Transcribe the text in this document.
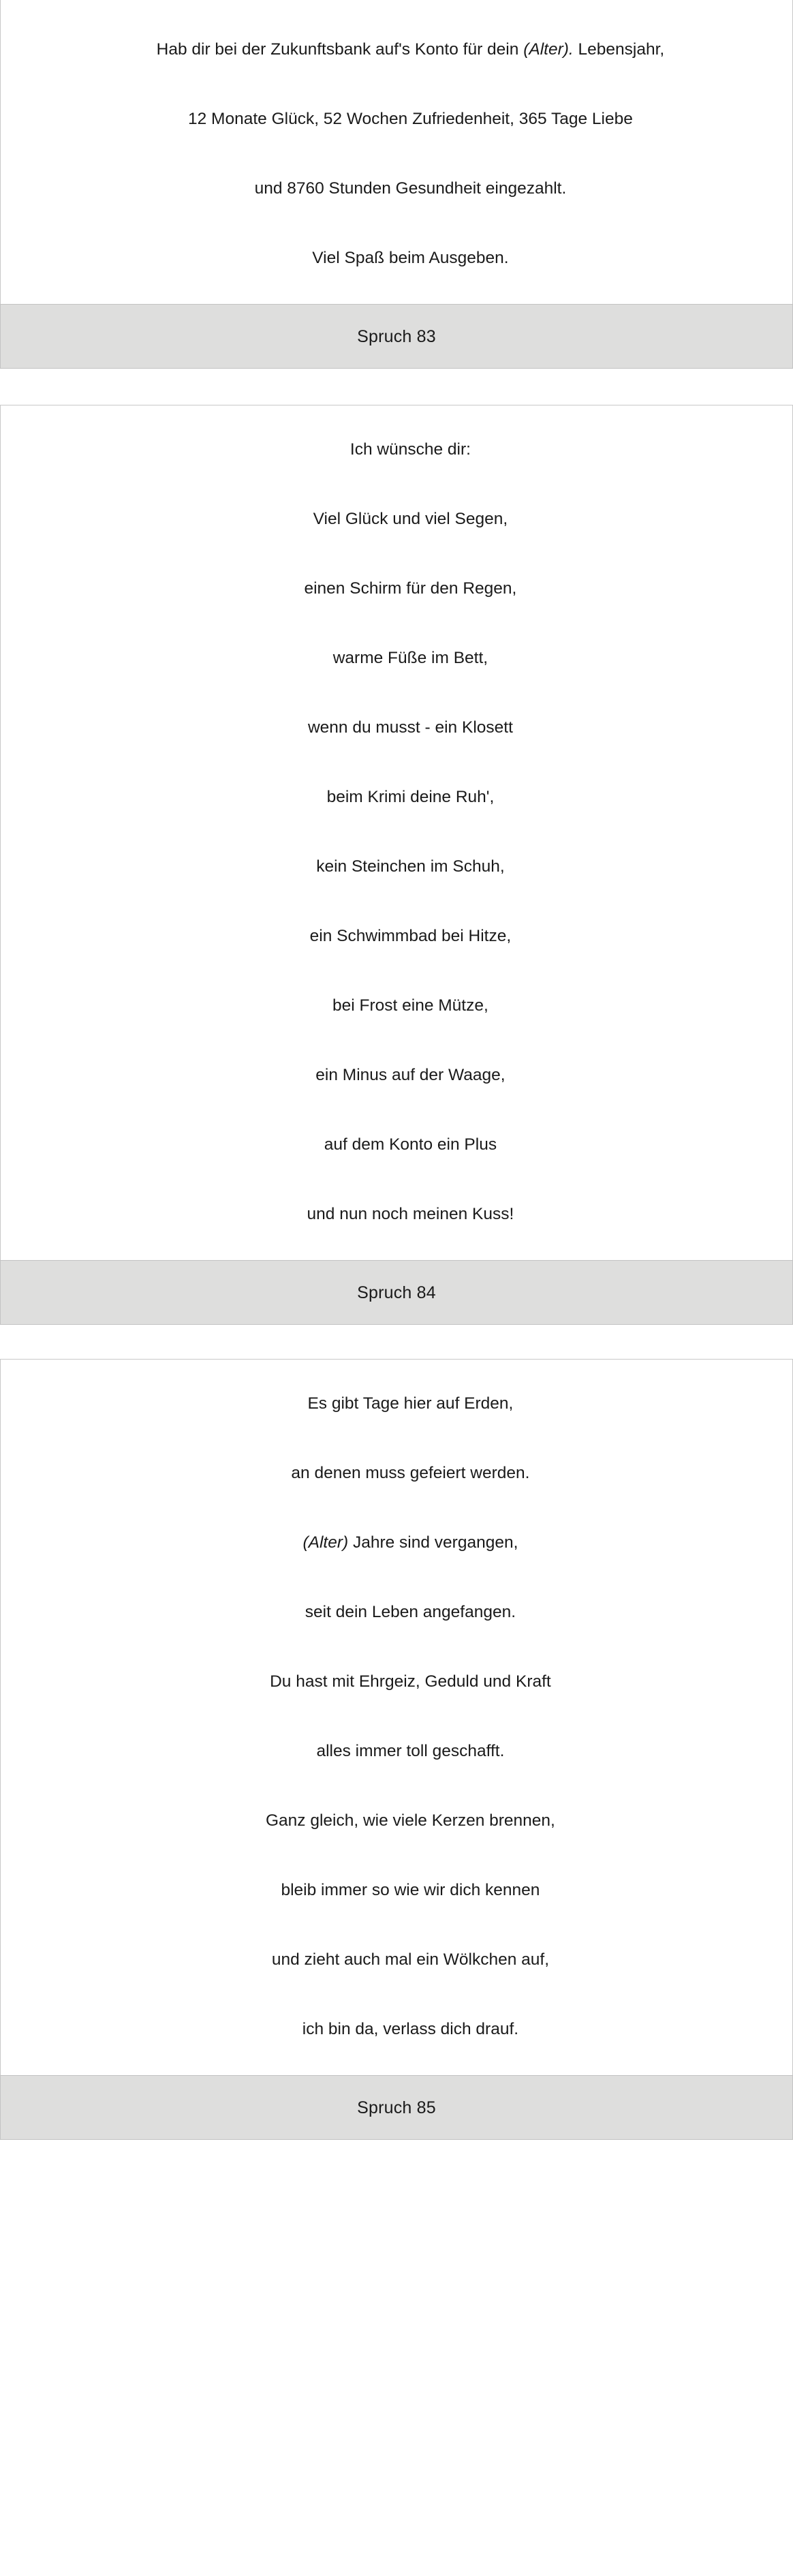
Hab dir bei der Zukunftsbank auf's Konto für dein (Alter). Lebensjahr,

12 Monate Glück, 52 Wochen Zufriedenheit, 365 Tage Liebe

und 8760 Stunden Gesundheit eingezahlt.

Viel Spaß beim Ausgeben.

Spruch 83

Ich wünsche dir:

Viel Glück und viel Segen,

einen Schirm für den Regen,

warme Füße im Bett,

wenn du musst - ein Klosett

beim Krimi deine Ruh',

kein Steinchen im Schuh,

ein Schwimmbad bei Hitze,

bei Frost eine Mütze,

ein Minus auf der Waage,

auf dem Konto ein Plus

und nun noch meinen Kuss!

Spruch 84

Es gibt Tage hier auf Erden,

an denen muss gefeiert werden.

(Alter) Jahre sind vergangen,

seit dein Leben angefangen.

Du hast mit Ehrgeiz, Geduld und Kraft

alles immer toll geschafft.

Ganz gleich, wie viele Kerzen brennen,

bleib immer so wie wir dich kennen

und zieht auch mal ein Wölkchen auf,

ich bin da, verlass dich drauf.

Spruch 85
